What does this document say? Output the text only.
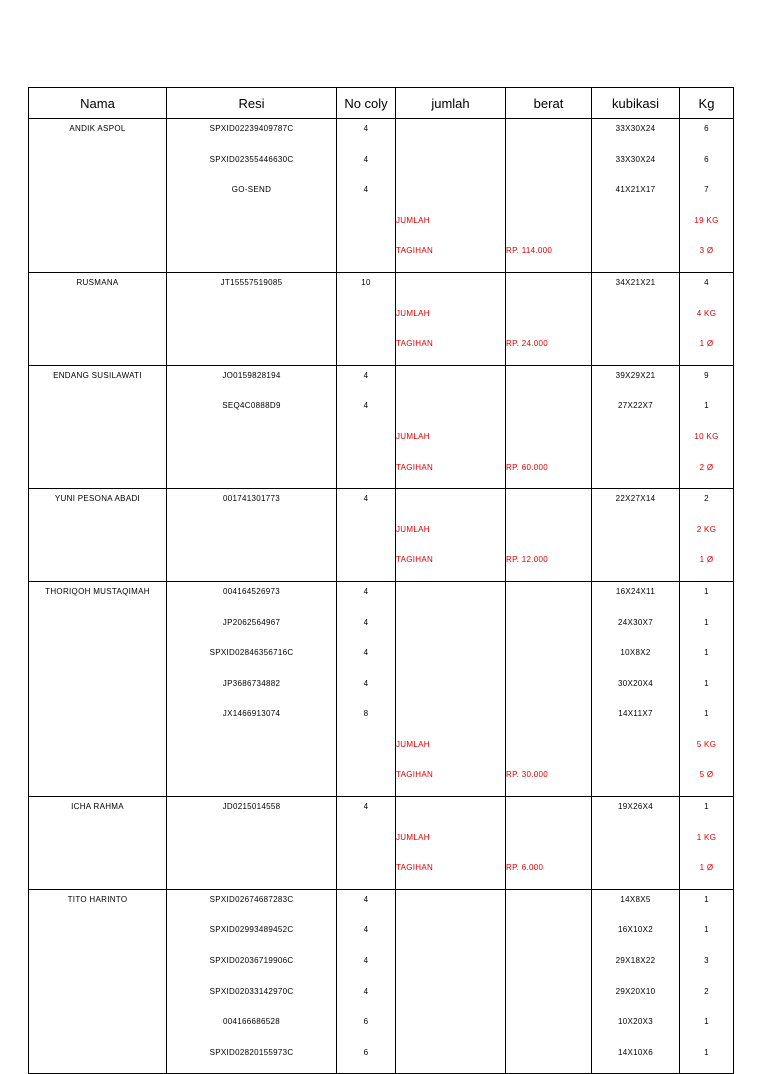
Nama	Resi	No coly	jumlah	berat	kubikasi	Kg
ANDIK ASPOL	SPXID02239409787C	4			33X30X24	6
	SPXID02355446630C	4			33X30X24	6
	GO-SEND	4			41X21X17	7
			JUMLAH			19 KG
			TAGIHAN	RP. 114.000		3 Ø
RUSMANA	JT15557519085	10			34X21X21	4
			JUMLAH			4 KG
			TAGIHAN	RP. 24.000		1 Ø
ENDANG SUSILAWATI	JO0159828194	4			39X29X21	9
	SEQ4C0888D9	4			27X22X7	1
			JUMLAH			10 KG
			TAGIHAN	RP. 60.000		2 Ø
YUNI PESONA ABADI	001741301773	4			22X27X14	2
			JUMLAH			2 KG
			TAGIHAN	RP. 12.000		1 Ø
THORIQOH MUSTAQIMAH	004164526973	4			16X24X11	1
	JP2062564967	4			24X30X7	1
	SPXID02846356716C	4			10X8X2	1
	JP3686734882	4			30X20X4	1
	JX1466913074	8			14X11X7	1
			JUMLAH			5 KG
			TAGIHAN	RP. 30.000		5 Ø
ICHA RAHMA	JD0215014558	4			19X26X4	1
			JUMLAH			1 KG
			TAGIHAN	RP. 6.000		1 Ø
TITO HARINTO	SPXID02674687283C	4			14X8X5	1
	SPXID02993489452C	4			16X10X2	1
	SPXID02036719906C	4			29X18X22	3
	SPXID02033142970C	4			29X20X10	2
	004166686528	6			10X20X3	1
	SPXID02820155973C	6			14X10X6	1
